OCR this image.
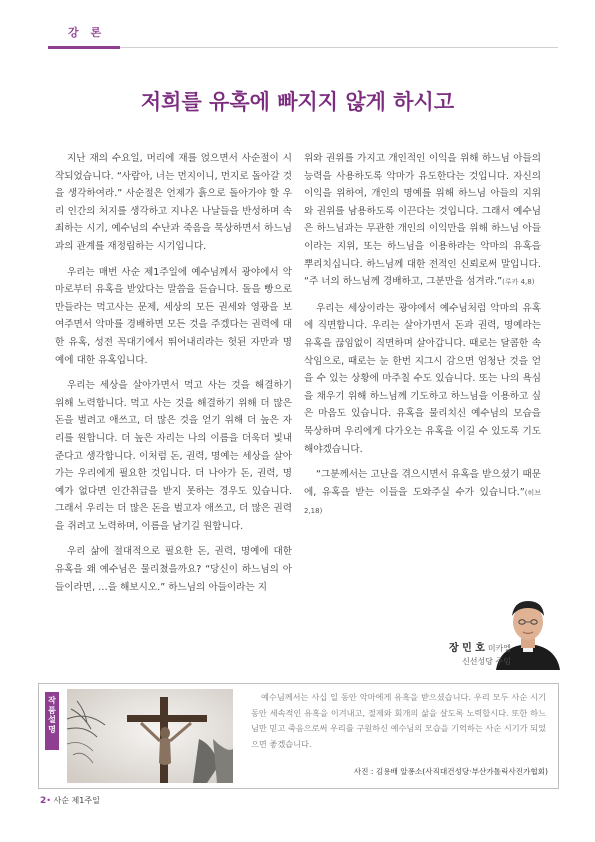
강 론
저희를 유혹에 빠지지 않게 하시고

지난 재의 수요일, 머리에 재를 얹으면서 사순절이 시작되었습니다. “사람아, 너는 먼지이니, 먼지로 돌아갈 것을 생각하여라.” 사순절은 언제가 흙으로 돌아가야 할 우리 인간의 처지를 생각하고 지나온 나날들을 반성하며 속죄하는 시기, 예수님의 수난과 죽음을 묵상하면서 하느님과의 관계를 재정립하는 시기입니다.

우리는 매번 사순 제1주일에 예수님께서 광야에서 악마로부터 유혹을 받았다는 말씀을 듣습니다. 돌을 빵으로 만들라는 먹고사는 문제, 세상의 모든 권세와 영광을 보여주면서 악마를 경배하면 모든 것을 주겠다는 권력에 대한 유혹, 성전 꼭대기에서 뛰어내리라는 헛된 자만과 명예에 대한 유혹입니다.

우리는 세상을 살아가면서 먹고 사는 것을 해결하기 위해 노력합니다. 먹고 사는 것을 해결하기 위해 더 많은 돈을 벌려고 애쓰고, 더 많은 것을 얻기 위해 더 높은 자리를 원합니다. 더 높은 자리는 나의 이름을 더욱더 빛내 준다고 생각합니다. 이처럼 돈, 권력, 명예는 세상을 살아가는 우리에게 필요한 것입니다. 더 나아가 돈, 권력, 명예가 없다면 인간취급을 받지 못하는 경우도 있습니다. 그래서 우리는 더 많은 돈을 벌고자 애쓰고, 더 많은 권력을 쥐려고 노력하며, 이름을 남기길 원합니다.

우리 삶에 절대적으로 필요한 돈, 권력, 명예에 대한 유혹을 왜 예수님은 물리쳤을까요? “당신이 하느님의 아들이라면, …을 해보시오.” 하느님의 아들이라는 지

위와 권위를 가지고 개인적인 이익을 위해 하느님 아들의 능력을 사용하도록 악마가 유도한다는 것입니다. 자신의 이익을 위하여, 개인의 명예를 위해 하느님 아들의 지위와 권위를 남용하도록 이끈다는 것입니다. 그래서 예수님은 하느님과는 무관한 개인의 이익만을 위해 하느님 아들이라는 지위, 또는 하느님을 이용하라는 악마의 유혹을 뿌리치십니다. 하느님께 대한 전적인 신뢰로써 말입니다. “주 너의 하느님께 경배하고, 그분만을 섬겨라.”(루카 4,8)

우리는 세상이라는 광야에서 예수님처럼 악마의 유혹에 직면합니다. 우리는 살아가면서 돈과 권력, 명예라는 유혹을 끊임없이 직면하며 살아갑니다. 때로는 달콤한 속삭임으로, 때로는 눈 한번 지그시 감으면 엄청난 것을 얻을 수 있는 상황에 마주칠 수도 있습니다. 또는 나의 욕심을 채우기 위해 하느님께 기도하고 하느님을 이용하고 싶은 마음도 있습니다. 유혹을 물리치신 예수님의 모습을 묵상하며 우리에게 다가오는 유혹을 이길 수 있도록 기도해야겠습니다.

“그분께서는 고난을 겪으시면서 유혹을 받으셨기 때문에, 유혹을 받는 이들을 도와주실 수가 있습니다.”(히브 2,18)

장 민 호 미카엘
신선성당 주임
작품설명
예수님께서는 사십 일 동안 악마에게 유혹을 받으셨습니다. 우리 모두 사순 시기 동안 세속적인 유혹을 이겨내고, 절제와 회개의 삶을 살도록 노력합시다. 또한 하느님만 믿고 죽음으로써 우리를 구원하신 예수님의 모습을 기억하는 사순 시기가 되었으면 좋겠습니다.
사진 : 김용배 알퐁소(사직대건성당·부산가톨릭사진가협회)
2• 사순 제1주일
